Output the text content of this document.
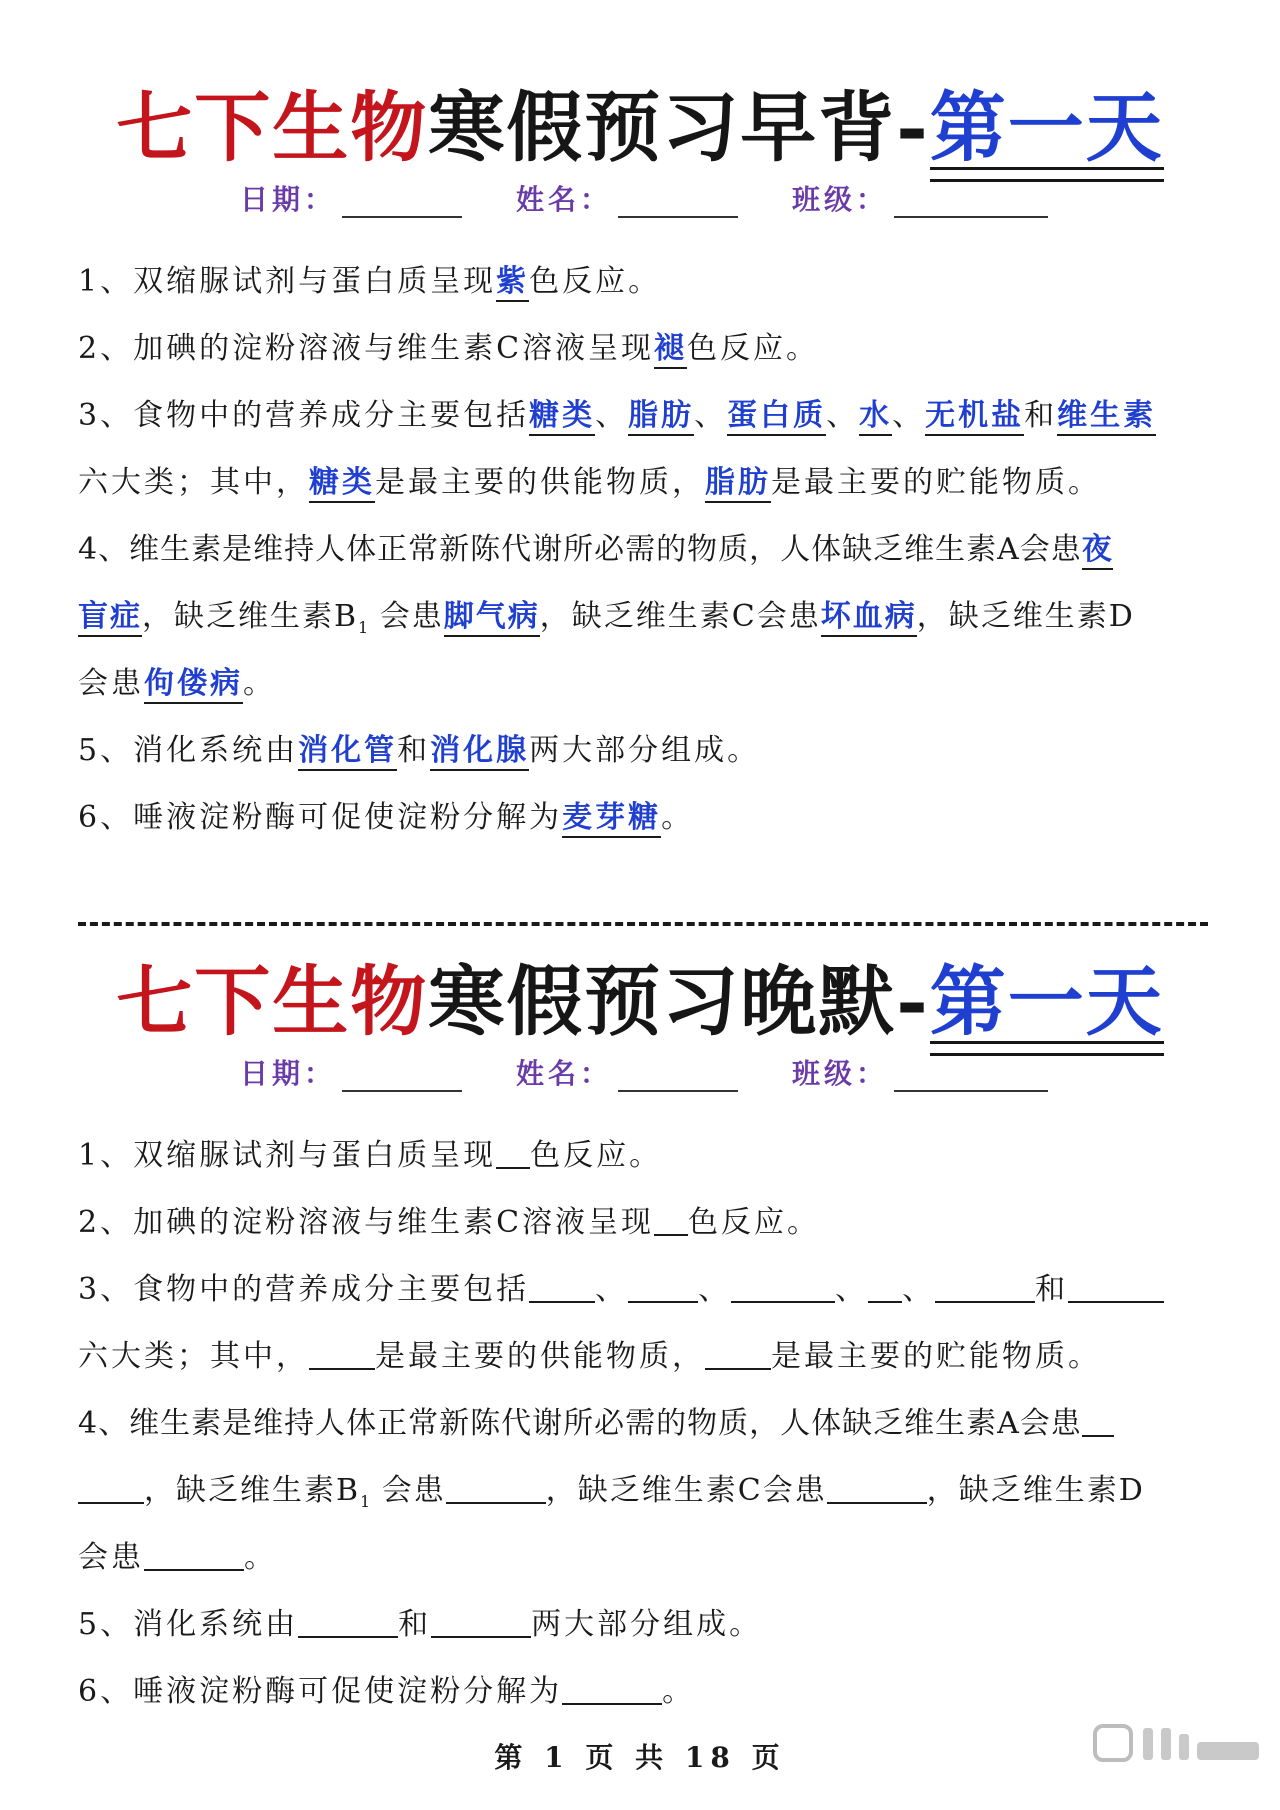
七下生物寒假预习早背-第一天
日期：	姓名：	班级：
1、双缩脲试剂与蛋白质呈现紫色反应。
2、加碘的淀粉溶液与维生素C溶液呈现褪色反应。
3、食物中的营养成分主要包括糖类、脂肪、蛋白质、水、无机盐和维生素
六大类；其中，糖类是最主要的供能物质，脂肪是最主要的贮能物质。
4、维生素是维持人体正常新陈代谢所必需的物质，人体缺乏维生素A会患夜
盲症，缺乏维生素$B_1$ 会患脚气病，缺乏维生素C会患坏血病，缺乏维生素D
会患佝偻病。
5、消化系统由消化管和消化腺两大部分组成。
6、唾液淀粉酶可促使淀粉分解为麦芽糖。
七下生物寒假预习晚默-第一天
日期：	姓名：	班级：
1、双缩脲试剂与蛋白质呈现 色反应。
2、加碘的淀粉溶液与维生素C溶液呈现 色反应。
3、食物中的营养成分主要包括 、 、	、 、	和
六大类；其中， 是最主要的供能物质， 是最主要的贮能物质。
4、维生素是维持人体正常新陈代谢所必需的物质，人体缺乏维生素A会患
，缺乏维生素$B_1$ 会患	，缺乏维生素C会患	，缺乏维生素D
会患	。
5、消化系统由	和	两大部分组成。
6、唾液淀粉酶可促使淀粉分解为	。
第 1 页 共 18 页
